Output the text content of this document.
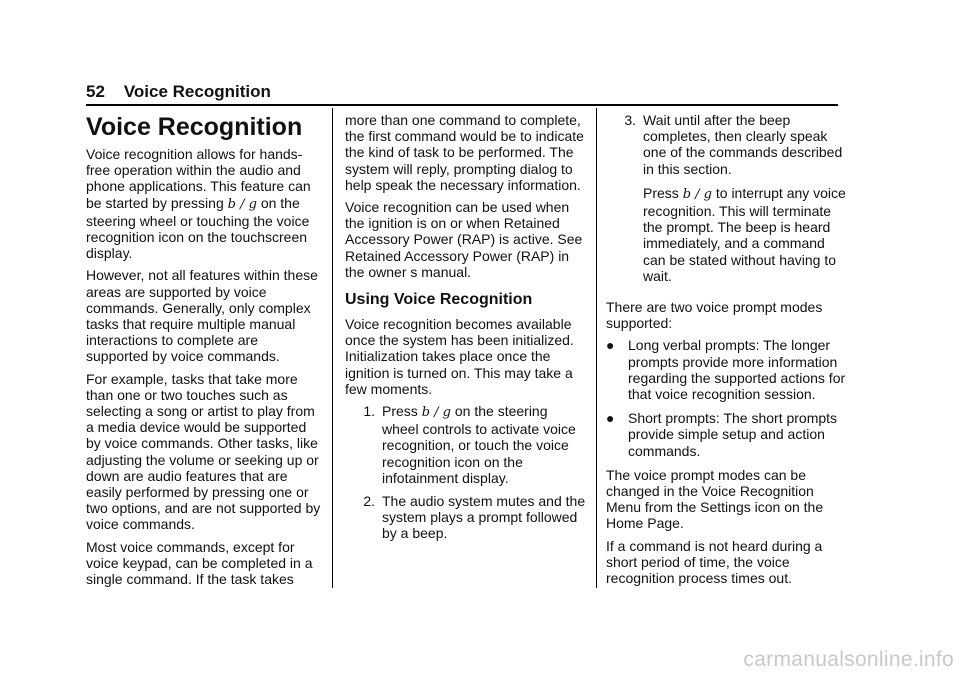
52 Voice Recognition
Voice Recognition

Voice recognition allows for hands-free operation within the audio and phone applications. This feature can be started by pressing b / g on the steering wheel or touching the voice recognition icon on the touchscreen display.

However, not all features within these areas are supported by voice commands. Generally, only complex tasks that require multiple manual interactions to complete are supported by voice commands.

For example, tasks that take more than one or two touches such as selecting a song or artist to play from a media device would be supported by voice commands. Other tasks, like adjusting the volume or seeking up or down are audio features that are easily performed by pressing one or two options, and are not supported by voice commands.

Most voice commands, except for voice keypad, can be completed in a single command. If the task takes

more than one command to complete, the first command would be to indicate the kind of task to be performed. The system will reply, prompting dialog to help speak the necessary information.

Voice recognition can be used when the ignition is on or when Retained Accessory Power (RAP) is active. See Retained Accessory Power (RAP) in the owner s manual.

Using Voice Recognition

Voice recognition becomes available once the system has been initialized. Initialization takes place once the ignition is turned on. This may take a few moments.

1. Press b / g on the steering wheel controls to activate voice recognition, or touch the voice recognition icon on the infotainment display.
2. The audio system mutes and the system plays a prompt followed by a beep.
3. Wait until after the beep completes, then clearly speak one of the commands described in this section.
Press b / g to interrupt any voice recognition. This will terminate the prompt. The beep is heard immediately, and a command can be stated without having to wait.

There are two voice prompt modes supported:

● Long verbal prompts: The longer prompts provide more information regarding the supported actions for that voice recognition session.
● Short prompts: The short prompts provide simple setup and action commands.

The voice prompt modes can be changed in the Voice Recognition Menu from the Settings icon on the Home Page.

If a command is not heard during a short period of time, the voice recognition process times out.

carmanualsonline.info
